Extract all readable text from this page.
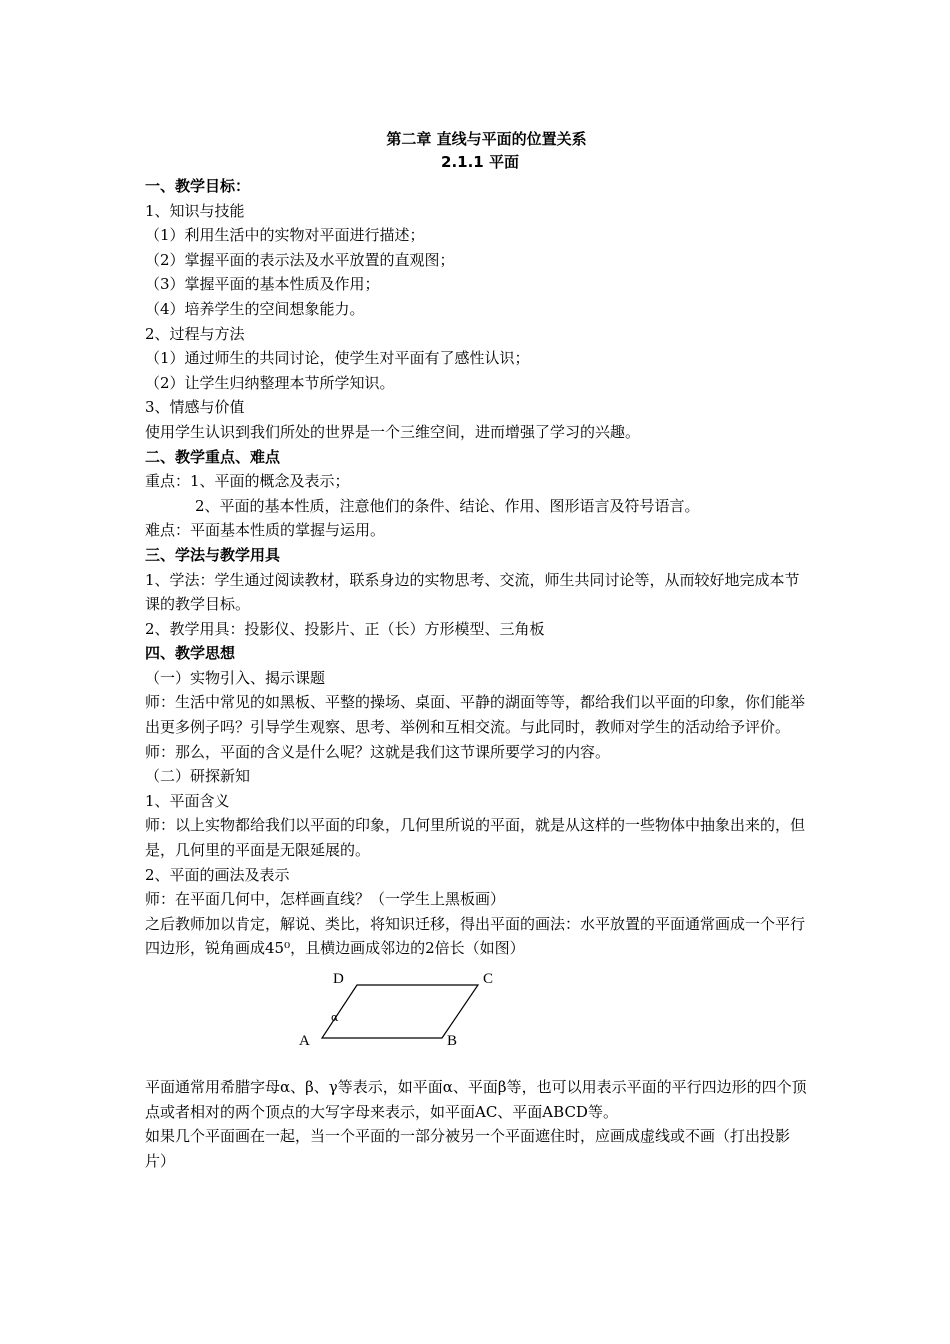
第二章 直线与平面的位置关系
2.1.1 平面

一、教学目标：

1、知识与技能

（1）利用生活中的实物对平面进行描述；

（2）掌握平面的表示法及水平放置的直观图；

（3）掌握平面的基本性质及作用；

（4）培养学生的空间想象能力。

2、过程与方法

（1）通过师生的共同讨论，使学生对平面有了感性认识；

（2）让学生归纳整理本节所学知识。

3、情感与价值

使用学生认识到我们所处的世界是一个三维空间，进而增强了学习的兴趣。

二、教学重点、难点

重点：1、平面的概念及表示；

2、平面的基本性质，注意他们的条件、结论、作用、图形语言及符号语言。

难点：平面基本性质的掌握与运用。

三、学法与教学用具

1、学法：学生通过阅读教材，联系身边的实物思考、交流，师生共同讨论等，从而较好地完成本节课的教学目标。

2、教学用具：投影仪、投影片、正（长）方形模型、三角板

四、教学思想

（一）实物引入、揭示课题

师：生活中常见的如黑板、平整的操场、桌面、平静的湖面等等，都给我们以平面的印象，你们能举出更多例子吗？引导学生观察、思考、举例和互相交流。与此同时，教师对学生的活动给予评价。

师：那么，平面的含义是什么呢？这就是我们这节课所要学习的内容。

（二）研探新知

1、平面含义

师：以上实物都给我们以平面的印象，几何里所说的平面，就是从这样的一些物体中抽象出来的，但是，几何里的平面是无限延展的。

2、平面的画法及表示

师：在平面几何中，怎样画直线？（一学生上黑板画）

之后教师加以肯定，解说、类比，将知识迁移，得出平面的画法：水平放置的平面通常画成一个平行四边形，锐角画成45⁰，且横边画成邻边的2倍长（如图）

A	B
C
D
α

平面通常用希腊字母α、β、γ等表示，如平面α、平面β等，也可以用表示平面的平行四边形的四个顶点或者相对的两个顶点的大写字母来表示，如平面AC、平面ABCD等。

如果几个平面画在一起，当一个平面的一部分被另一个平面遮住时，应画成虚线或不画（打出投影片）
